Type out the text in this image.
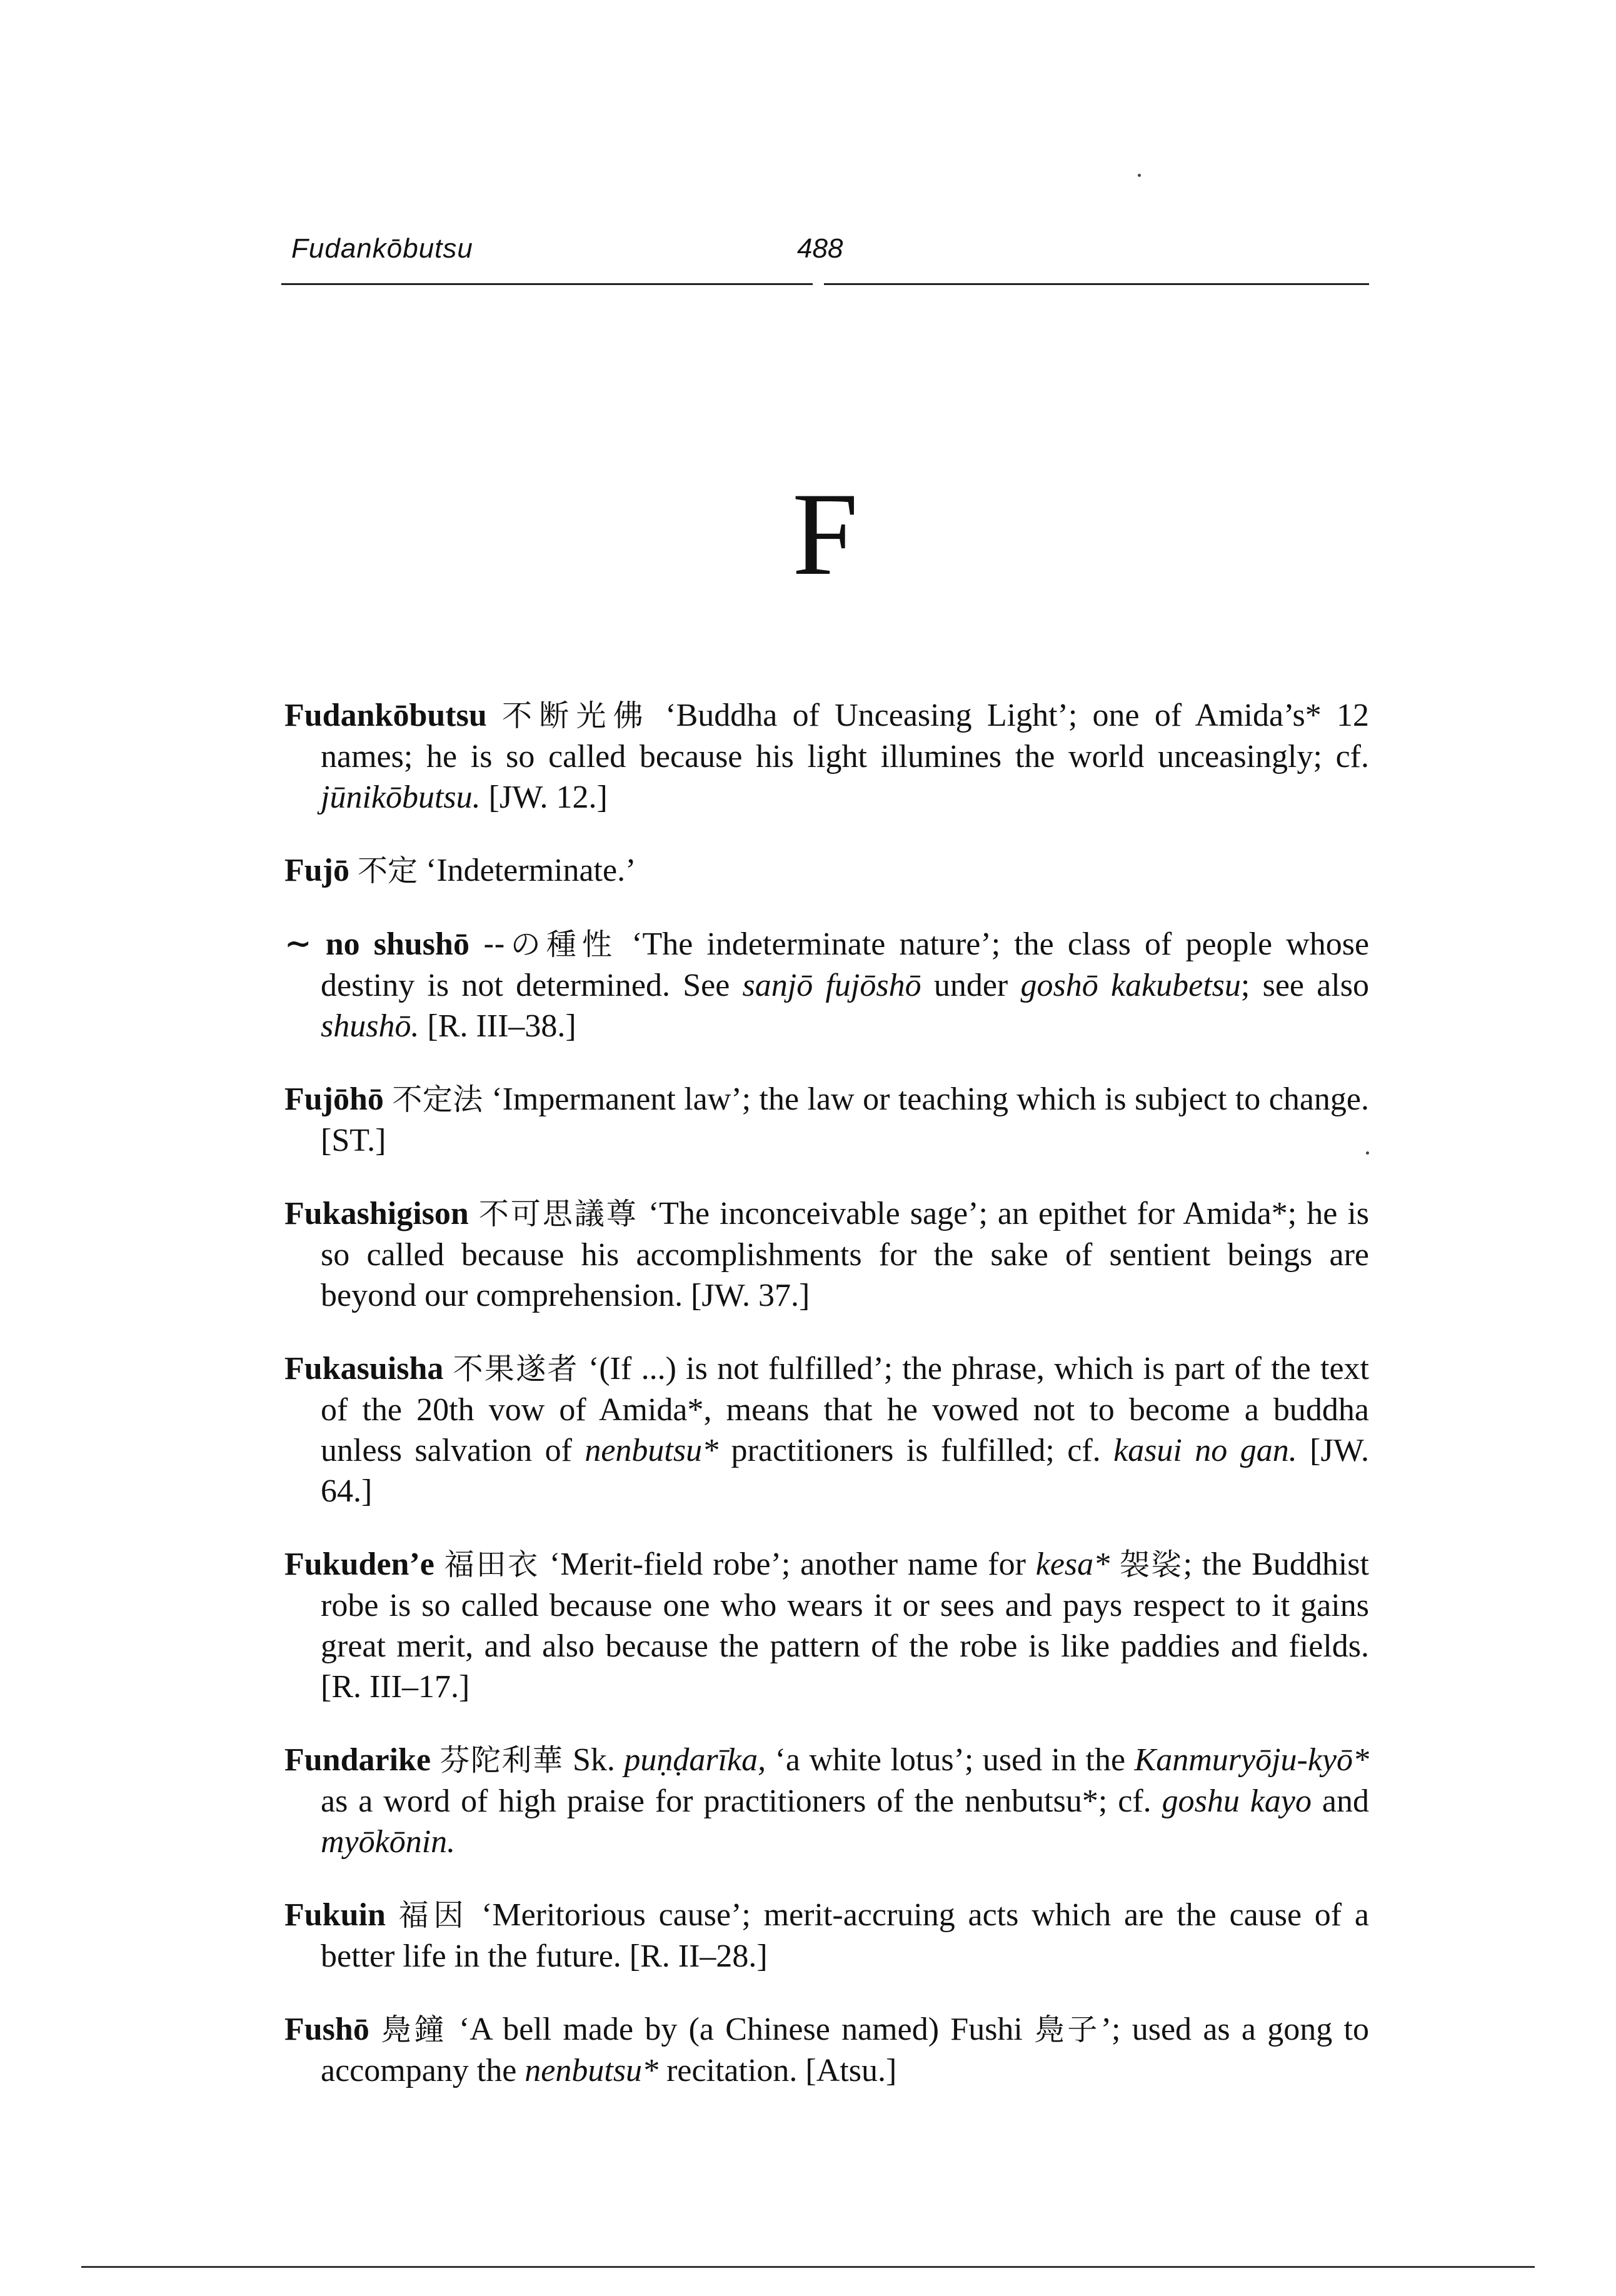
Fudankōbutsu	488
F

Fudankōbutsu 不断光佛 ‘Buddha of Unceasing Light’; one of Amida’s* 12 names; he is so called because his light illumines the world unceasingly; cf. jūnikōbutsu. [JW. 12.]

Fujō 不定 ‘Indeterminate.’

∼ no shushō --の種性 ‘The indeterminate nature’; the class of people whose destiny is not determined. See sanjō fujōshō under goshō kakubetsu; see also shushō. [R. III–38.]

Fujōhō 不定法 ‘Impermanent law’; the law or teaching which is subject to change. [ST.]

Fukashigison 不可思議尊 ‘The inconceivable sage’; an epithet for Amida*; he is so called because his accomplishments for the sake of sentient beings are beyond our comprehension. [JW. 37.]

Fukasuisha 不果遂者 ‘(If ...) is not fulfilled’; the phrase, which is part of the text of the 20th vow of Amida*, means that he vowed not to become a buddha unless salvation of nenbutsu* practitioners is fulfilled; cf. kasui no gan. [JW. 64.]

Fukuden’e 福田衣 ‘Merit-field robe’; another name for kesa* 袈裟; the Buddhist robe is so called because one who wears it or sees and pays respect to it gains great merit, and also because the pattern of the robe is like paddies and fields. [R. III–17.]

Fundarike 芬陀利華 Sk. puṇḍarīka, ‘a white lotus’; used in the Kanmuryōju-kyō* as a word of high praise for practitioners of the nenbutsu*; cf. goshu kayo and myōkōnin.

Fukuin 福因 ‘Meritorious cause’; merit-accruing acts which are the cause of a better life in the future. [R. II–28.]

Fushō 鳧鐘 ‘A bell made by (a Chinese named) Fushi 鳧子’; used as a gong to accompany the nenbutsu* recitation. [Atsu.]
